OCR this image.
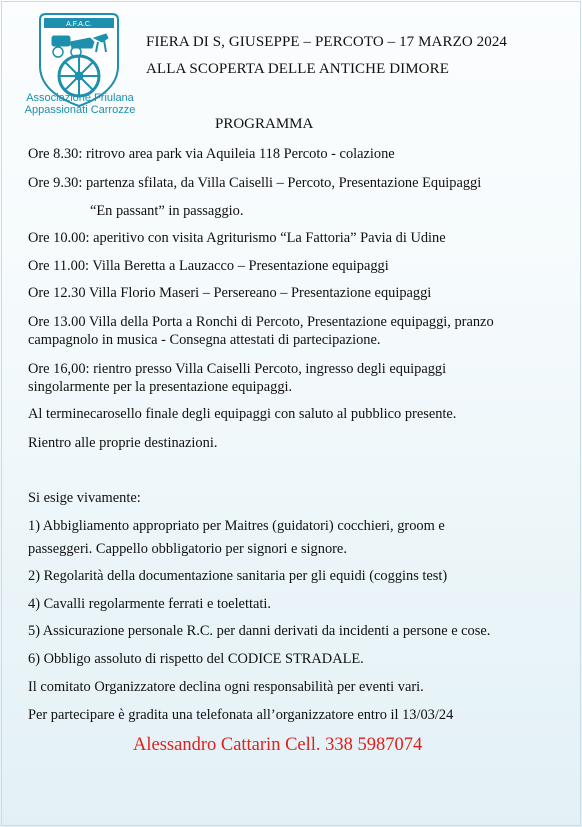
A.F.A.C.
Associazione Friulana
Appassionati Carrozze
FIERA DI S, GIUSEPPE – PERCOTO – 17 MARZO 2024
ALLA SCOPERTA DELLE ANTICHE DIMORE
PROGRAMMA
Ore 8.30: ritrovo area park via Aquileia 118 Percoto - colazione
Ore 9.30: partenza sfilata, da Villa Caiselli – Percoto, Presentazione Equipaggi
“En passant” in passaggio.
Ore 10.00: aperitivo con visita Agriturismo “La Fattoria” Pavia di Udine
Ore 11.00: Villa Beretta a Lauzacco – Presentazione equipaggi
Ore 12.30 Villa Florio Maseri – Persereano – Presentazione equipaggi
Ore 13.00 Villa della Porta a Ronchi di Percoto, Presentazione equipaggi, pranzo
campagnolo in musica - Consegna attestati di partecipazione.
Ore 16,00: rientro presso Villa Caiselli Percoto, ingresso degli equipaggi
singolarmente per la presentazione equipaggi.
Al terminecarosello finale degli equipaggi con saluto al pubblico presente.
Rientro alle proprie destinazioni.
Si esige vivamente:
1) Abbigliamento appropriato per Maitres (guidatori) cocchieri, groom e
passeggeri. Cappello obbligatorio per signori e signore.
2) Regolarità della documentazione sanitaria per gli equidi (coggins test)
4) Cavalli regolarmente ferrati e toelettati.
5) Assicurazione personale R.C. per danni derivati da incidenti a persone e cose.
6) Obbligo assoluto di rispetto del CODICE STRADALE.
Il comitato Organizzatore declina ogni responsabilità per eventi vari.
Per partecipare è gradita una telefonata all’organizzatore entro il 13/03/24
Alessandro Cattarin Cell. 338 5987074
